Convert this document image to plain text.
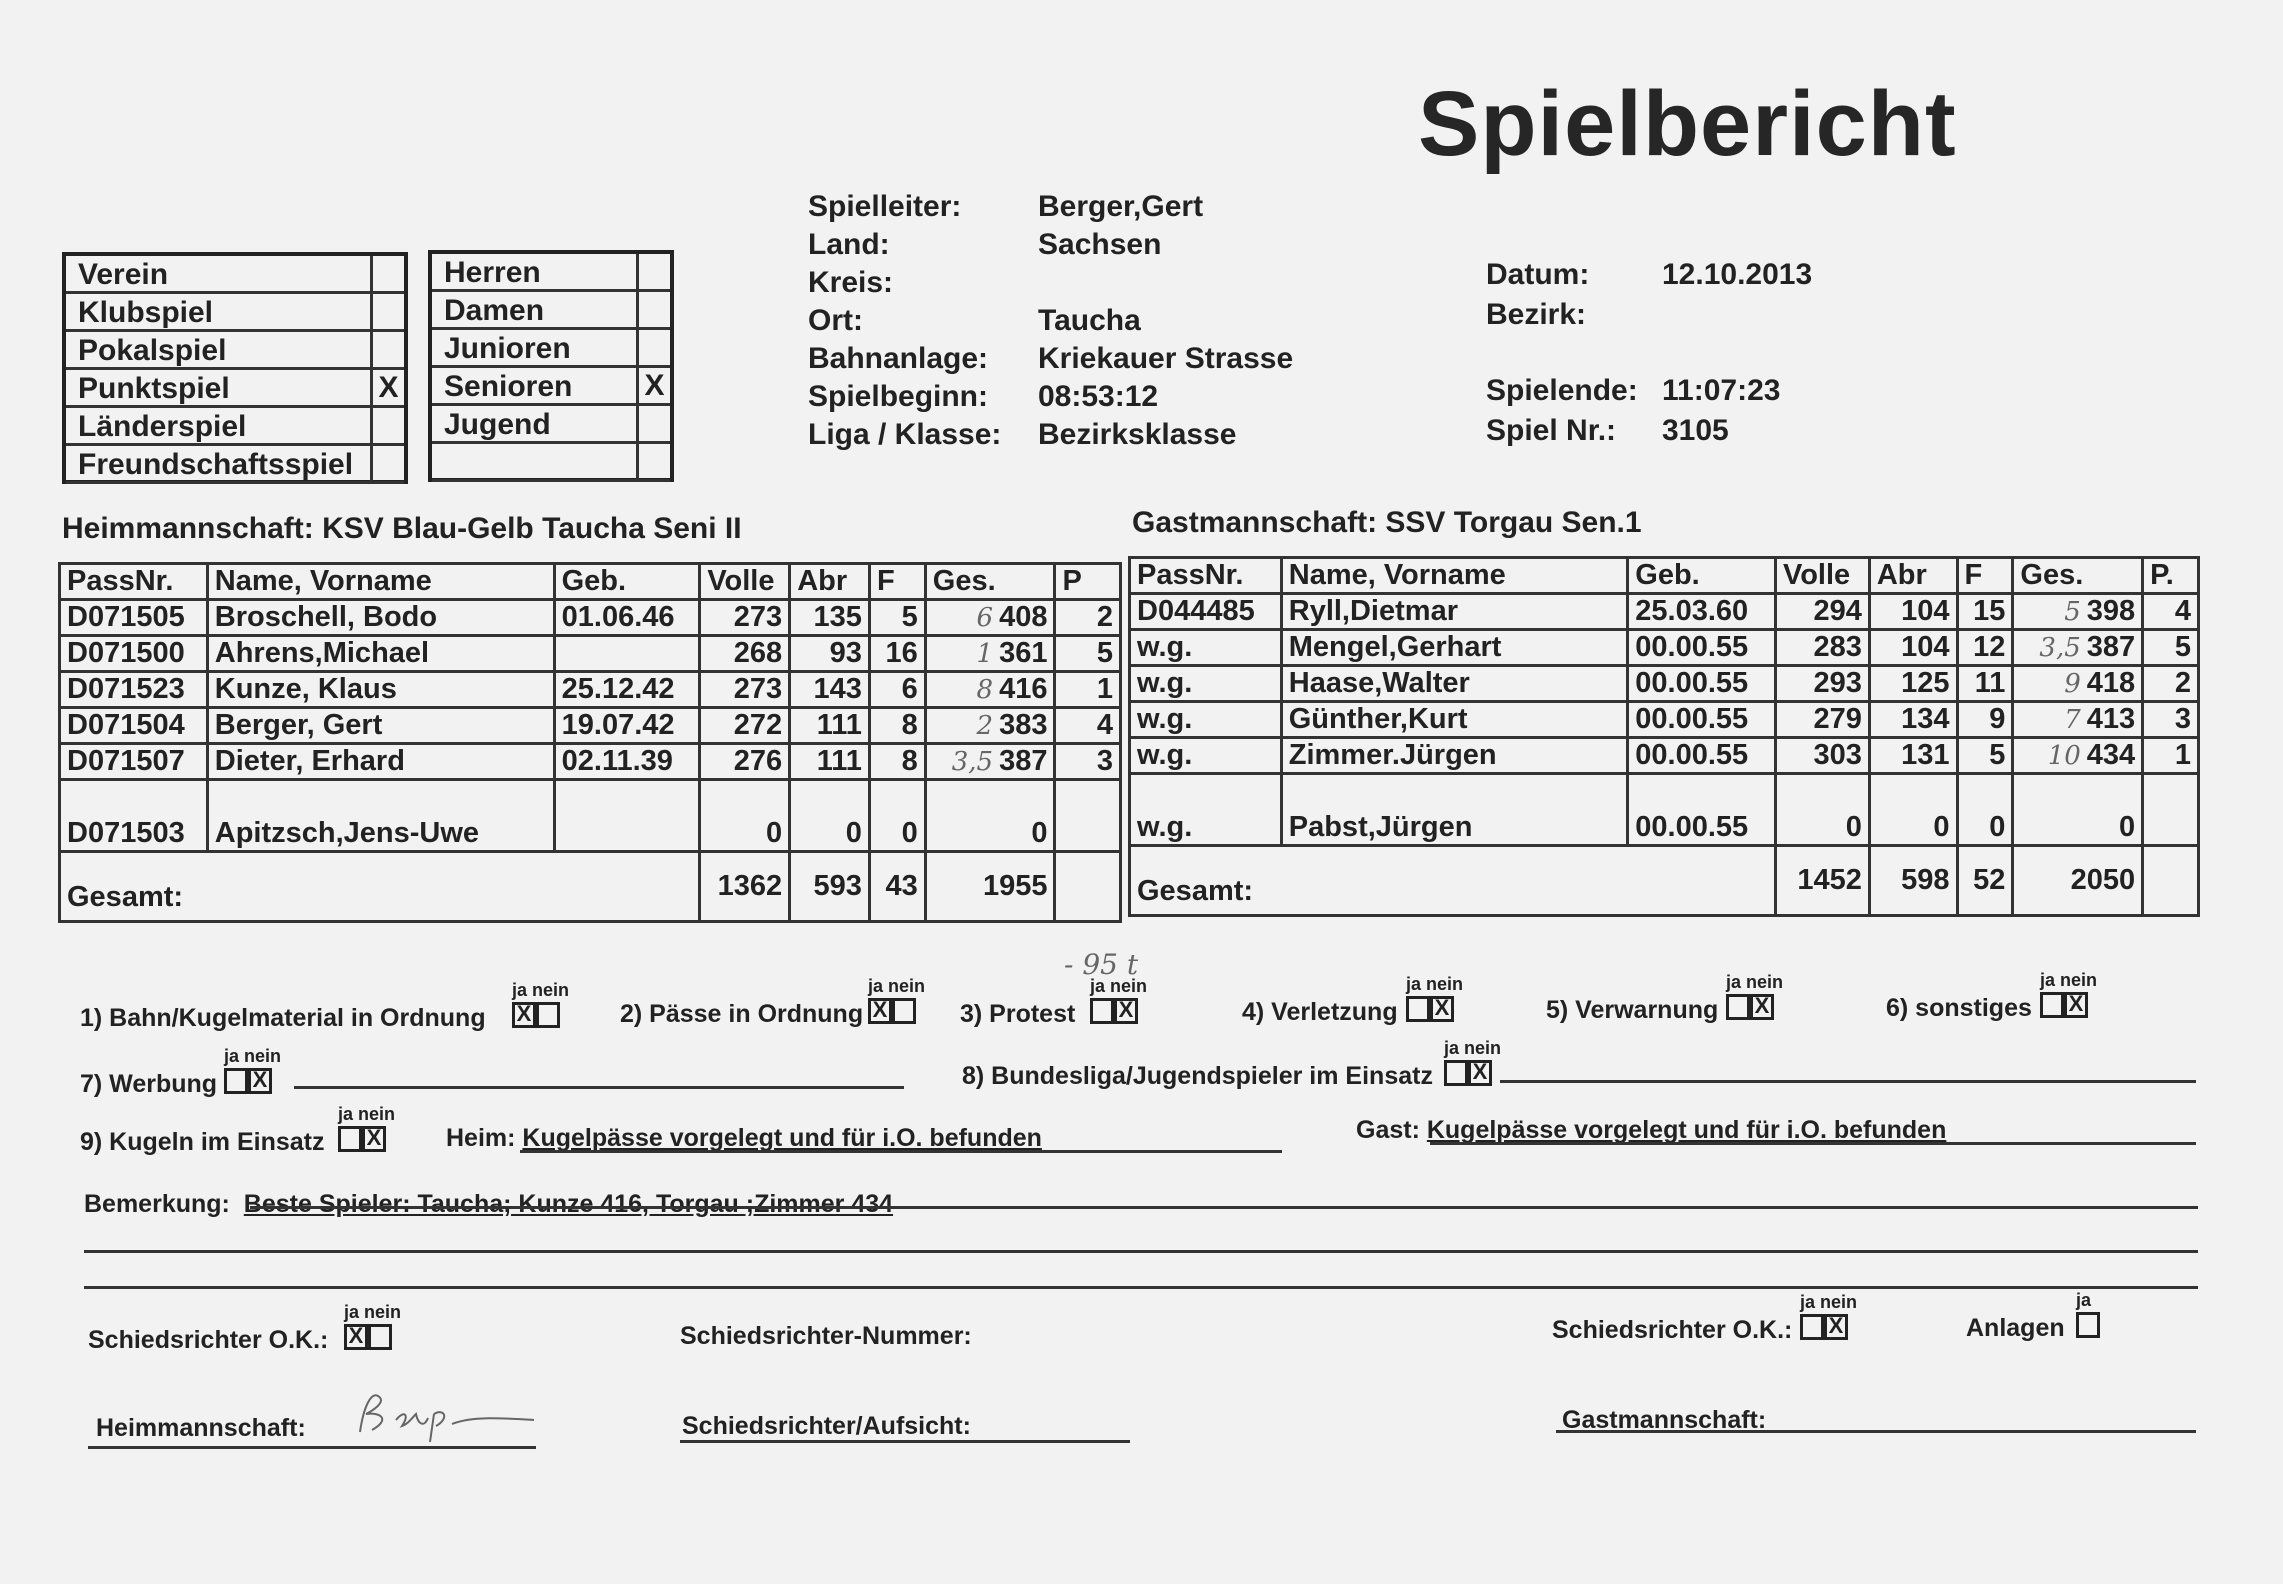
Spielbericht
Spielleiter:	Berger,Gert
Land:	Sachsen
Kreis:
Ort:	Taucha
Bahnanlage: Kriekauer Strasse
Spielbeginn: 08:53:12
Liga / Klasse: Bezirksklasse
Datum: 12.10.2013
Bezirk:
Spielende: 11:07:23
Spiel Nr.: 3105
Verein
Klubspiel
Pokalspiel
Punktspiel	X
Länderspiel
Freundschaftsspiel
Herren
Damen
Junioren
Senioren X
Jugend
Heimmannschaft: KSV Blau-Gelb Taucha Seni II	Gastmannschaft: SSV Torgau Sen.1
PassNr.	Name, Vorname	Geb.	Volle	Abr	F	Ges.	P
D071505	Broschell, Bodo	01.06.46	273	135	5	6 408	2
D071500	Ahrens,Michael		268	93	16	1 361	5
D071523	Kunze, Klaus	25.12.42	273	143	6	8 416	1
D071504	Berger, Gert	19.07.42	272	111	8	2 383	4
D071507	Dieter, Erhard	02.11.39	276	111	8	3,5 387	3
D071503	Apitzsch,Jens-Uwe		0	0	0	0	
Gesamt:			1362	593	43	1955	
PassNr.	Name, Vorname	Geb.	Volle	Abr	F	Ges.	P.
D044485	Ryll,Dietmar	25.03.60	294	104	15	5 398	4
w.g.	Mengel,Gerhart	00.00.55	283	104	12	3,5 387	5
w.g.	Haase,Walter	00.00.55	293	125	11	9 418	2
w.g.	Günther,Kurt	00.00.55	279	134	9	7 413	3
w.g.	Zimmer.Jürgen	00.00.55	303	131	5	10 434	1
w.g.	Pabst,Jürgen	00.00.55	0	0	0	0	
Gesamt:			1452	598	52	2050	
1) Bahn/Kugelmaterial in Ordnung
ja nein
X	2) Pässe in Ordnung
ja nein
X	3) Protest
ja nein
- 95 t
X	4) Verletzung
ja nein
X	5) Verwarnung
ja nein
X	6) sonstiges
ja nein
X
7) Werbung
ja nein
X	8) Bundesliga/Jugendspieler im Einsatz
ja nein
X
9) Kugeln im Einsatz
ja nein
X	Heim: Kugelpässe vorgelegt und für i.O. befunden	Gast: Kugelpässe vorgelegt und für i.O. befunden
Bemerkung: Beste Spieler: Taucha; Kunze 416, Torgau ;Zimmer 434
Schiedsrichter O.K.:
ja nein
X	Schiedsrichter-Nummer:	Schiedsrichter O.K.:
ja nein
X	Anlagen
ja
Heimmannschaft:	Schiedsrichter/Aufsicht:	Gastmannschaft:
